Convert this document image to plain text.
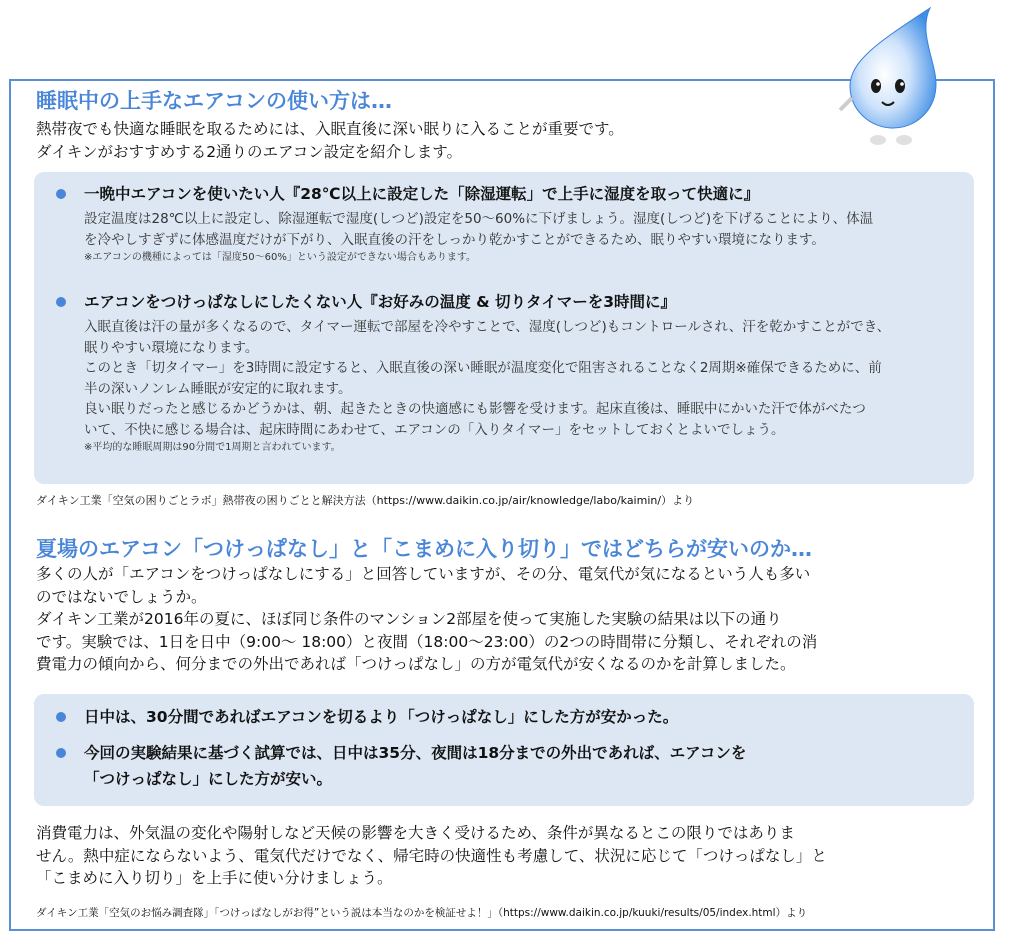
睡眠中の上手なエアコンの使い方は…
熱帯夜でも快適な睡眠を取るためには、入眠直後に深い眠りに入ることが重要です。
ダイキンがおすすめする2通りのエアコン設定を紹介します。
一晩中エアコンを使いたい人『28℃以上に設定した「除湿運転」で上手に湿度を取って快適に』

設定温度は28℃以上に設定し、除湿運転で湿度(しつど)設定を50～60%に下げましょう。湿度(しつど)を下げることにより、体温

を冷やしすぎずに体感温度だけが下がり、入眠直後の汗をしっかり乾かすことができるため、眠りやすい環境になります。

※エアコンの機種によっては「湿度50～60%」という設定ができない場合もあります。

エアコンをつけっぱなしにしたくない人『お好みの温度 & 切りタイマーを3時間に』

入眠直後は汗の量が多くなるので、タイマー運転で部屋を冷やすことで、湿度(しつど)もコントロールされ、汗を乾かすことができ、

眠りやすい環境になります。

このとき「切タイマー」を3時間に設定すると、入眠直後の深い睡眠が温度変化で阻害されることなく2周期※確保できるために、前

半の深いノンレム睡眠が安定的に取れます。

良い眠りだったと感じるかどうかは、朝、起きたときの快適感にも影響を受けます。起床直後は、睡眠中にかいた汗で体がべたつ

いて、不快に感じる場合は、起床時間にあわせて、エアコンの「入りタイマー」をセットしておくとよいでしょう。

※平均的な睡眠周期は90分間で1周期と言われています。

ダイキン工業「空気の困りごとラボ」熱帯夜の困りごとと解決方法（https://www.daikin.co.jp/air/knowledge/labo/kaimin/）より
夏場のエアコン「つけっぱなし」と「こまめに入り切り」ではどちらが安いのか…
多くの人が「エアコンをつけっぱなしにする」と回答していますが、その分、電気代が気になるという人も多い
のではないでしょうか。
ダイキン工業が2016年の夏に、ほぼ同じ条件のマンション2部屋を使って実施した実験の結果は以下の通り
です。実験では、1日を日中（9:00～ 18:00）と夜間（18:00～23:00）の2つの時間帯に分類し、それぞれの消
費電力の傾向から、何分までの外出であれば「つけっぱなし」の方が電気代が安くなるのかを計算しました。
日中は、30分間であればエアコンを切るより「つけっぱなし」にした方が安かった。
今回の実験結果に基づく試算では、日中は35分、夜間は18分までの外出であれば、エアコンを
「つけっぱなし」にした方が安い。
消費電力は、外気温の変化や陽射しなど天候の影響を大きく受けるため、条件が異なるとこの限りではありま
せん。熱中症にならないよう、電気代だけでなく、帰宅時の快適性も考慮して、状況に応じて「つけっぱなし」と
「こまめに入り切り」を上手に使い分けましょう。
ダイキン工業「空気のお悩み調査隊」「つけっぱなしがお得”という説は本当なのかを検証せよ！」（https://www.daikin.co.jp/kuuki/results/05/index.html）より
